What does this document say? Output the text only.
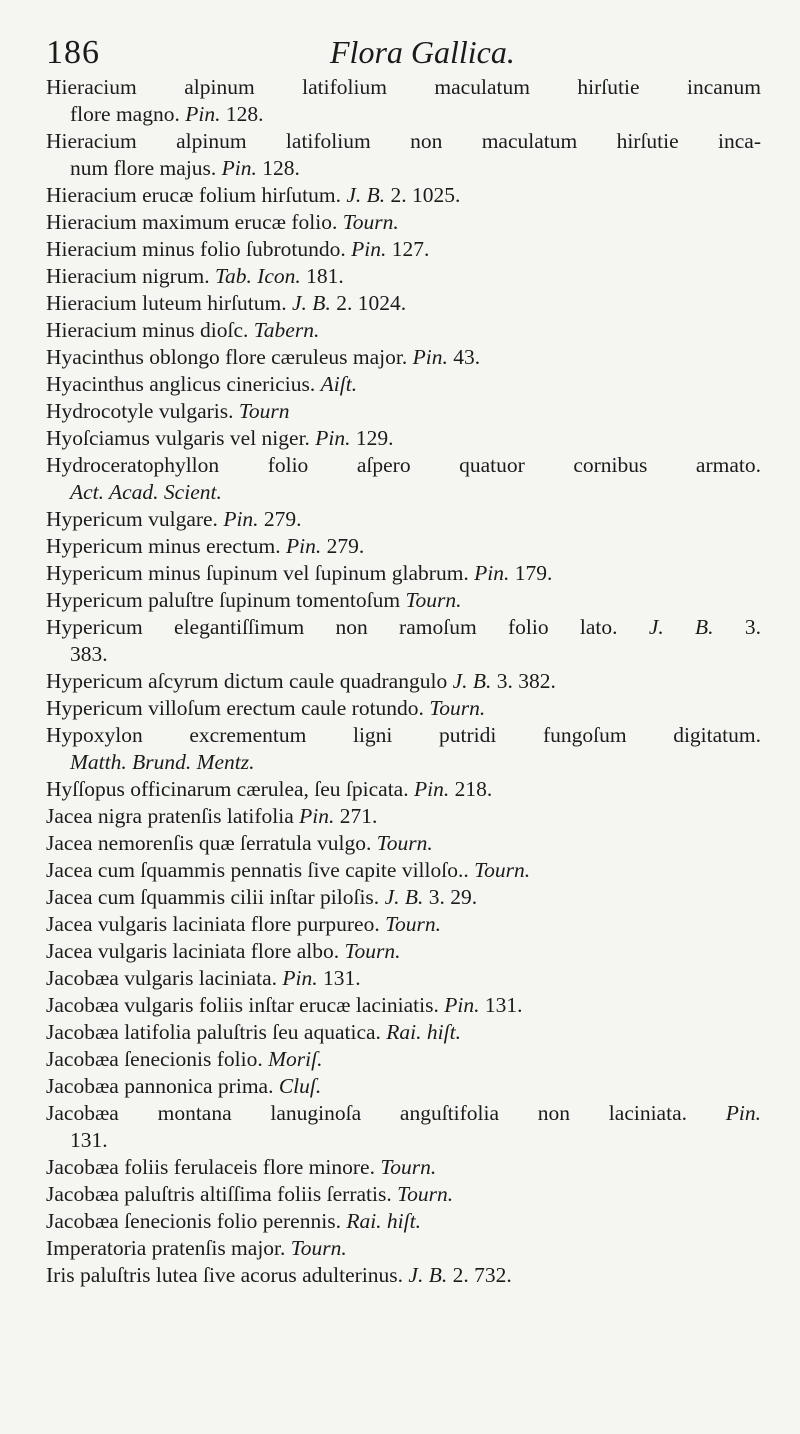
186	Flora Gallica.
Hieracium alpinum latifolium maculatum hirſutie incanum
flore magno. Pin. 128.
Hieracium alpinum latifolium non maculatum hirſutie inca-
num flore majus. Pin. 128.
Hieracium erucæ folium hirſutum. J. B. 2. 1025.
Hieracium maximum erucæ folio. Tourn.
Hieracium minus folio ſubrotundo. Pin. 127.
Hieracium nigrum. Tab. Icon. 181.
Hieracium luteum hirſutum. J. B. 2. 1024.
Hieracium minus dioſc. Tabern.
Hyacinthus oblongo flore cæruleus major. Pin. 43.
Hyacinthus anglicus cinericius. Aiſt.
Hydrocotyle vulgaris. Tourn
Hyoſciamus vulgaris vel niger. Pin. 129.
Hydroceratophyllon folio aſpero quatuor cornibus armato.
Act. Acad. Scient.
Hypericum vulgare. Pin. 279.
Hypericum minus erectum. Pin. 279.
Hypericum minus ſupinum vel ſupinum glabrum. Pin. 179.
Hypericum paluſtre ſupinum tomentoſum Tourn.
Hypericum elegantiſſimum non ramoſum folio lato. J. B. 3.
383.
Hypericum aſcyrum dictum caule quadrangulo J. B. 3. 382.
Hypericum villoſum erectum caule rotundo. Tourn.
Hypoxylon excrementum ligni putridi fungoſum digitatum.
Matth. Brund. Mentz.
Hyſſopus officinarum cærulea, ſeu ſpicata. Pin. 218.
Jacea nigra pratenſis latifolia Pin. 271.
Jacea nemorenſis quæ ſerratula vulgo. Tourn.
Jacea cum ſquammis pennatis ſive capite villoſo.. Tourn.
Jacea cum ſquammis cilii inſtar piloſis. J. B. 3. 29.
Jacea vulgaris laciniata flore purpureo. Tourn.
Jacea vulgaris laciniata flore albo. Tourn.
Jacobæa vulgaris laciniata. Pin. 131.
Jacobæa vulgaris foliis inſtar erucæ laciniatis. Pin. 131.
Jacobæa latifolia paluſtris ſeu aquatica. Rai. hiſt.
Jacobæa ſenecionis folio. Moriſ.
Jacobæa pannonica prima. Cluſ.
Jacobæa montana lanuginoſa anguſtifolia non laciniata. Pin.
131.
Jacobæa foliis ferulaceis flore minore. Tourn.
Jacobæa paluſtris altiſſima foliis ſerratis. Tourn.
Jacobæa ſenecionis folio perennis. Rai. hiſt.
Imperatoria pratenſis major. Tourn.
Iris paluſtris lutea ſive acorus adulterinus. J. B. 2. 732.
